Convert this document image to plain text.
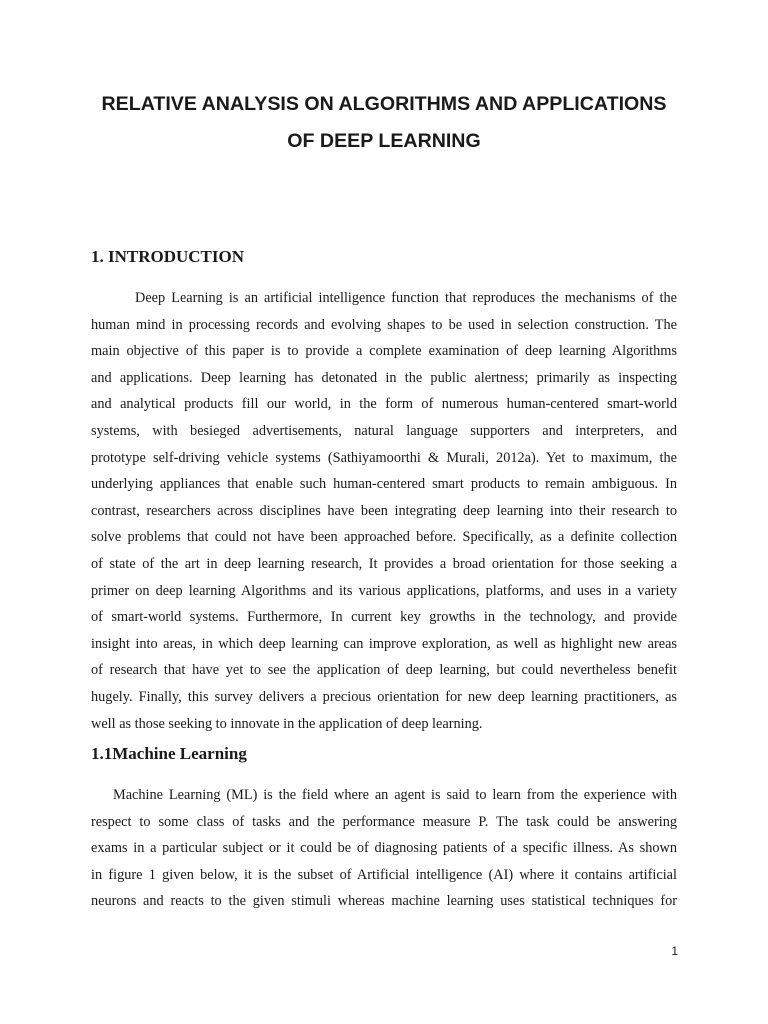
RELATIVE ANALYSIS ON ALGORITHMS AND APPLICATIONS
OF DEEP LEARNING
1. INTRODUCTION
Deep Learning is an artificial intelligence function that reproduces the mechanisms of the
human mind in processing records and evolving shapes to be used in selection construction. The
main objective of this paper is to provide a complete examination of deep learning Algorithms
and applications. Deep learning has detonated in the public alertness; primarily as inspecting
and analytical products fill our world, in the form of numerous human-centered smart-world
systems, with besieged advertisements, natural language supporters and interpreters, and
prototype self-driving vehicle systems (Sathiyamoorthi & Murali, 2012a). Yet to maximum, the
underlying appliances that enable such human-centered smart products to remain ambiguous. In
contrast, researchers across disciplines have been integrating deep learning into their research to
solve problems that could not have been approached before. Specifically, as a definite collection
of state of the art in deep learning research, It provides a broad orientation for those seeking a
primer on deep learning Algorithms and its various applications, platforms, and uses in a variety
of smart-world systems. Furthermore, In current key growths in the technology, and provide
insight into areas, in which deep learning can improve exploration, as well as highlight new areas
of research that have yet to see the application of deep learning, but could nevertheless benefit
hugely. Finally, this survey delivers a precious orientation for new deep learning practitioners, as
well as those seeking to innovate in the application of deep learning.
1.1Machine Learning
Machine Learning (ML) is the field where an agent is said to learn from the experience with
respect to some class of tasks and the performance measure P. The task could be answering
exams in a particular subject or it could be of diagnosing patients of a specific illness. As shown
in figure 1 given below, it is the subset of Artificial intelligence (AI) where it contains artificial
neurons and reacts to the given stimuli whereas machine learning uses statistical techniques for

1
